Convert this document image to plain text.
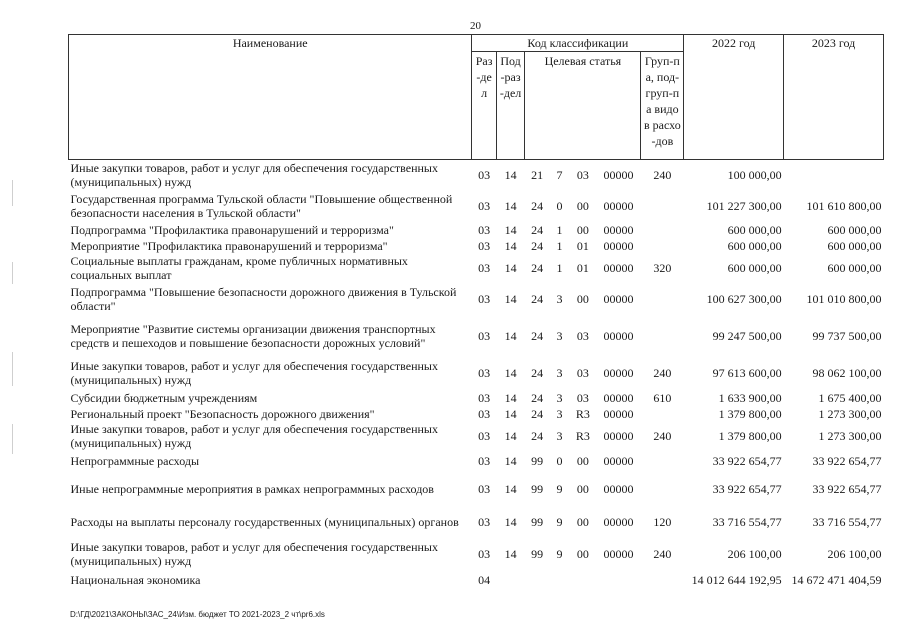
20
Наименование	Код классификации							2022 год	2023 год
	Раз-дел	Под-раз-дел	Целевая статья				Груп-па, под-груп-па видов расхо-дов		
Иные закупки товаров, работ и услуг для обеспечения государственных (муниципальных) нужд	03	14	21	7	03	00000	240	100 000,00	
Государственная программа Тульской области "Повышение общественной безопасности населения в Тульской области"	03	14	24	0	00	00000		101 227 300,00	101 610 800,00
Подпрограмма "Профилактика правонарушений и терроризма"	03	14	24	1	00	00000		600 000,00	600 000,00
Мероприятие "Профилактика правонарушений и терроризма"	03	14	24	1	01	00000		600 000,00	600 000,00
Социальные выплаты гражданам, кроме публичных нормативных социальных выплат	03	14	24	1	01	00000	320	600 000,00	600 000,00
Подпрограмма "Повышение безопасности дорожного движения в Тульской области"	03	14	24	3	00	00000		100 627 300,00	101 010 800,00
Мероприятие "Развитие системы организации движения транспортных средств и пешеходов и повышение безопасности дорожных условий"	03	14	24	3	03	00000		99 247 500,00	99 737 500,00
Иные закупки товаров, работ и услуг для обеспечения государственных (муниципальных) нужд	03	14	24	3	03	00000	240	97 613 600,00	98 062 100,00
Субсидии бюджетным учреждениям	03	14	24	3	03	00000	610	1 633 900,00	1 675 400,00
Региональный проект "Безопасность дорожного движения"	03	14	24	3	R3	00000		1 379 800,00	1 273 300,00
Иные закупки товаров, работ и услуг для обеспечения государственных (муниципальных) нужд	03	14	24	3	R3	00000	240	1 379 800,00	1 273 300,00
Непрограммные расходы	03	14	99	0	00	00000		33 922 654,77	33 922 654,77
Иные непрограммные мероприятия в рамках непрограммных расходов	03	14	99	9	00	00000		33 922 654,77	33 922 654,77
Расходы на выплаты персоналу государственных (муниципальных) органов	03	14	99	9	00	00000	120	33 716 554,77	33 716 554,77
Иные закупки товаров, работ и услуг для обеспечения государственных (муниципальных) нужд	03	14	99	9	00	00000	240	206 100,00	206 100,00
Национальная экономика	04							14 012 644 192,95	14 672 471 404,59
D:\ГД\2021\ЗАКОНЫ\ЗАС_24\Изм. бюджет ТО 2021-2023_2 чт\рr6.xls
